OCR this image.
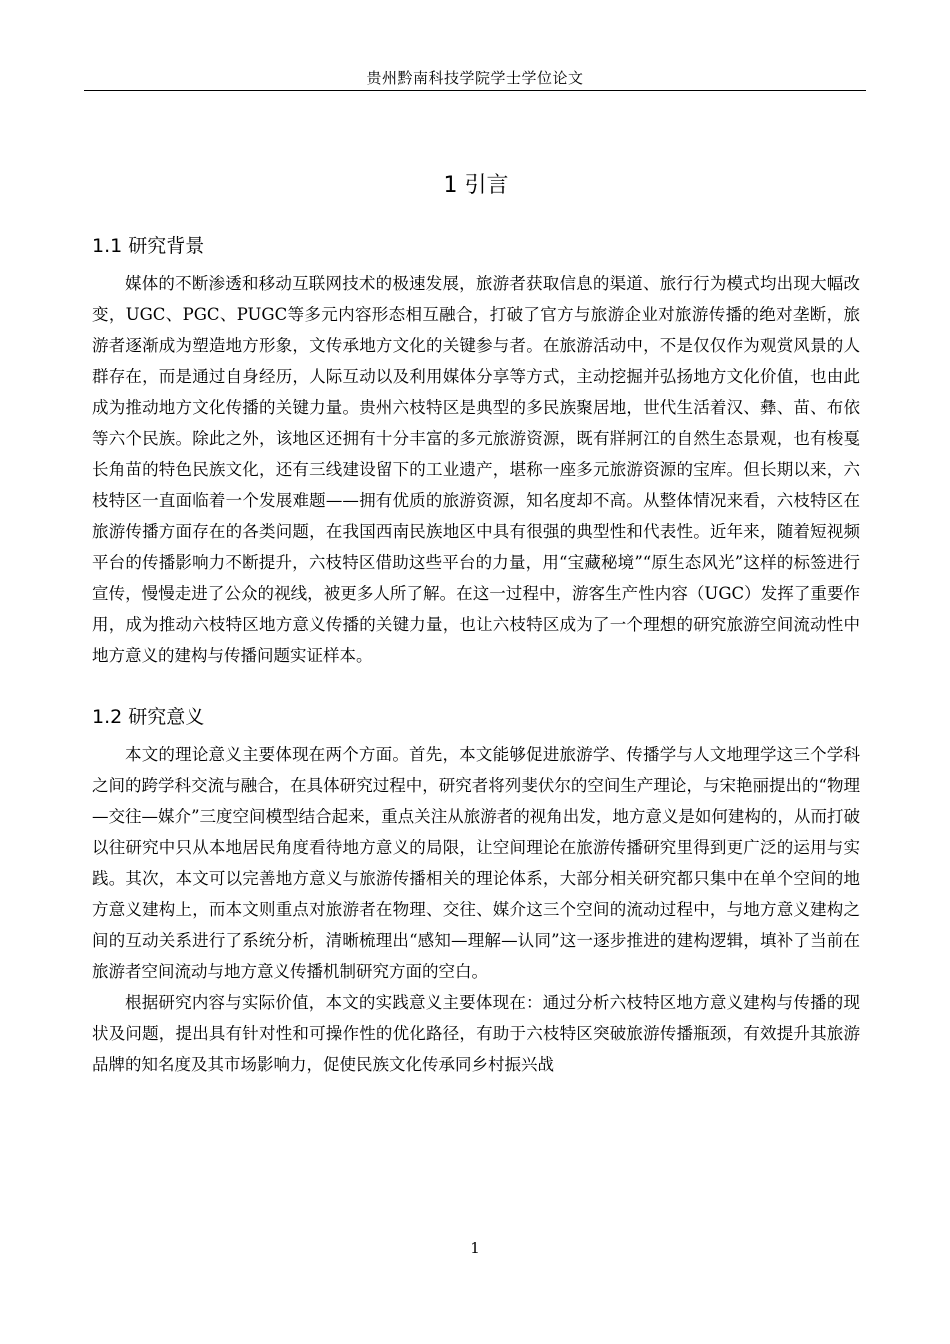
贵州黔南科技学院学士学位论文
1 引言
1.1 研究背景

媒体的不断渗透和移动互联网技术的极速发展，旅游者获取信息的渠道、旅行行为模式均出现大幅改变，UGC、PGC、PUGC等多元内容形态相互融合，打破了官方与旅游企业对旅游传播的绝对垄断，旅游者逐渐成为塑造地方形象，文传承地方文化的关键参与者。在旅游活动中，不是仅仅作为观赏风景的人群存在，而是通过自身经历，人际互动以及利用媒体分享等方式，主动挖掘并弘扬地方文化价值，也由此成为推动地方文化传播的关键力量。贵州六枝特区是典型的多民族聚居地，世代生活着汉、彝、苗、布依等六个民族。除此之外，该地区还拥有十分丰富的多元旅游资源，既有牂牁江的自然生态景观，也有梭戛长角苗的特色民族文化，还有三线建设留下的工业遗产，堪称一座多元旅游资源的宝库。但长期以来，六枝特区一直面临着一个发展难题——拥有优质的旅游资源，知名度却不高。从整体情况来看，六枝特区在旅游传播方面存在的各类问题，在我国西南民族地区中具有很强的典型性和代表性。近年来，随着短视频平台的传播影响力不断提升，六枝特区借助这些平台的力量，用“宝藏秘境”“原生态风光”这样的标签进行宣传，慢慢走进了公众的视线，被更多人所了解。在这一过程中，游客生产性内容（UGC）发挥了重要作用，成为推动六枝特区地方意义传播的关键力量，也让六枝特区成为了一个理想的研究旅游空间流动性中地方意义的建构与传播问题实证样本。

1.2 研究意义

本文的理论意义主要体现在两个方面。首先，本文能够促进旅游学、传播学与人文地理学这三个学科之间的跨学科交流与融合，在具体研究过程中，研究者将列斐伏尔的空间生产理论，与宋艳丽提出的“物理—交往—媒介”三度空间模型结合起来，重点关注从旅游者的视角出发，地方意义是如何建构的，从而打破以往研究中只从本地居民角度看待地方意义的局限，让空间理论在旅游传播研究里得到更广泛的运用与实践。其次，本文可以完善地方意义与旅游传播相关的理论体系，大部分相关研究都只集中在单个空间的地方意义建构上，而本文则重点对旅游者在物理、交往、媒介这三个空间的流动过程中，与地方意义建构之间的互动关系进行了系统分析，清晰梳理出“感知—理解—认同”这一逐步推进的建构逻辑，填补了当前在旅游者空间流动与地方意义传播机制研究方面的空白。

根据研究内容与实际价值，本文的实践意义主要体现在：通过分析六枝特区地方意义建构与传播的现状及问题，提出具有针对性和可操作性的优化路径，有助于六枝特区突破旅游传播瓶颈，有效提升其旅游品牌的知名度及其市场影响力，促使民族文化传承同乡村振兴战

1
